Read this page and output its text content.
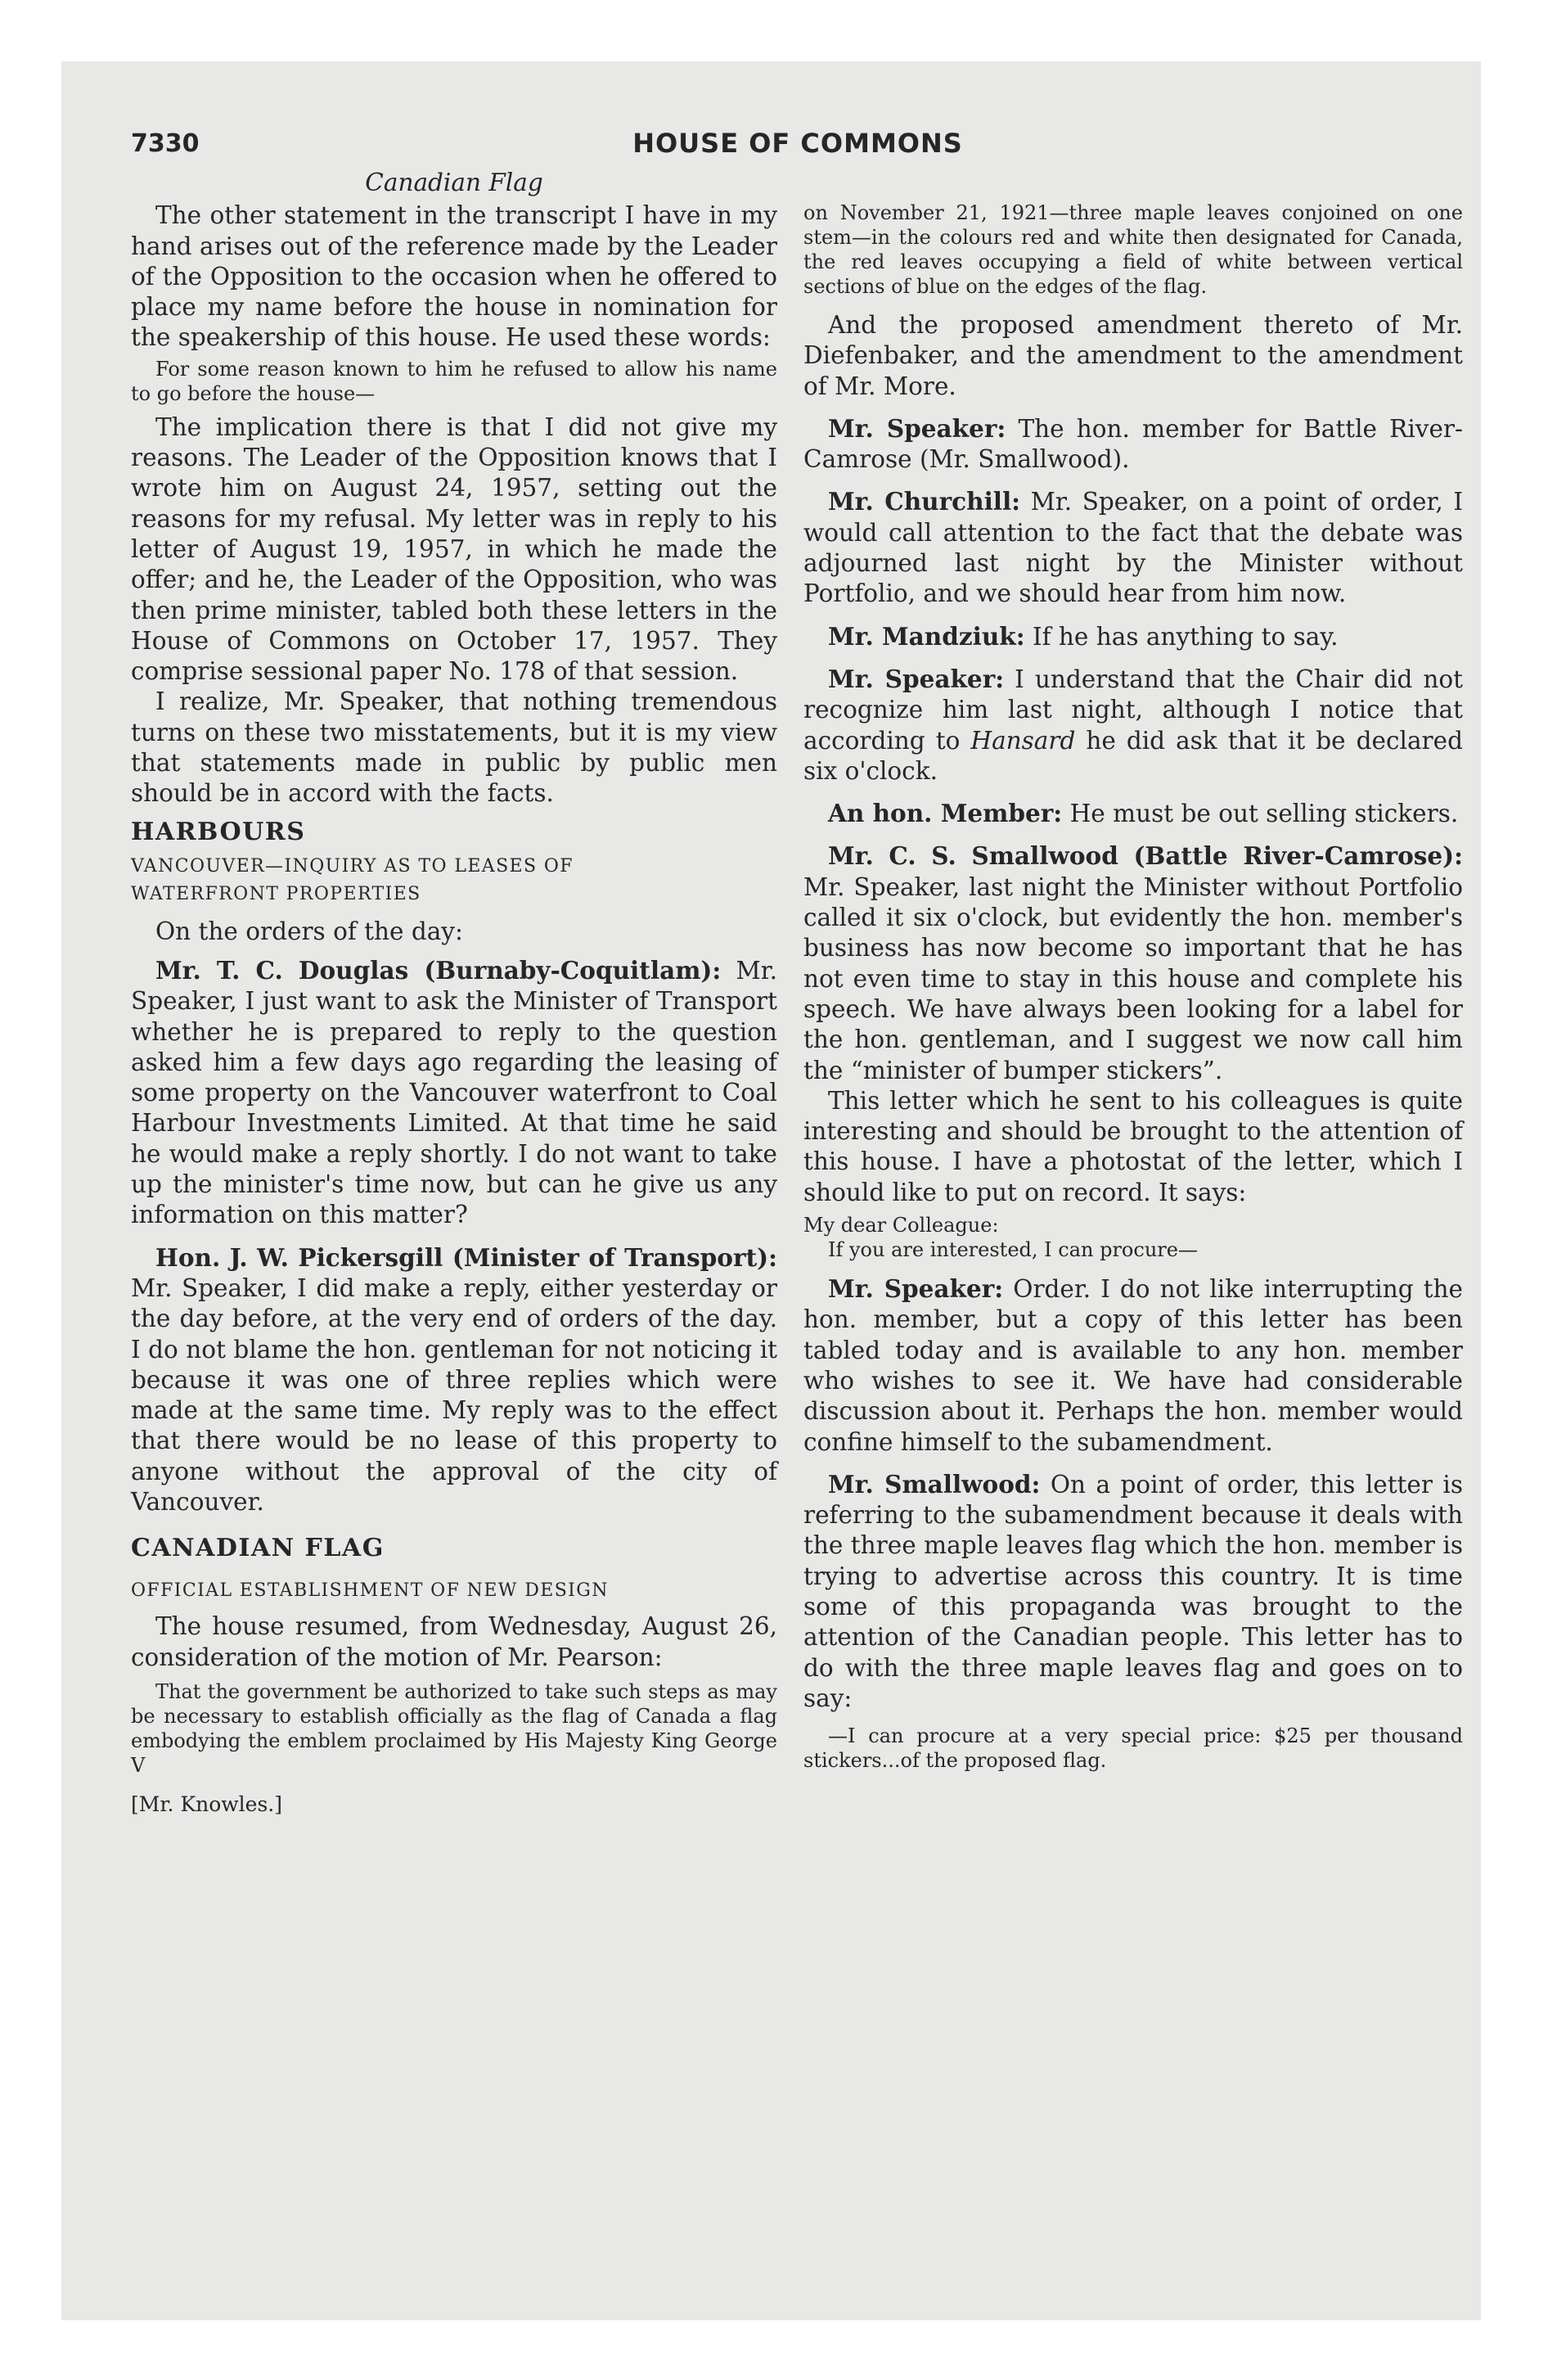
7330	HOUSE OF COMMONS

Canadian Flag

The other statement in the transcript I have in my hand arises out of the reference made by the Leader of the Opposition to the occasion when he offered to place my name before the house in nomination for the speakership of this house. He used these words:

For some reason known to him he refused to allow his name to go before the house—

The implication there is that I did not give my reasons. The Leader of the Opposition knows that I wrote him on August 24, 1957, setting out the reasons for my refusal. My letter was in reply to his letter of August 19, 1957, in which he made the offer; and he, the Leader of the Opposition, who was then prime minister, tabled both these letters in the House of Commons on October 17, 1957. They comprise sessional paper No. 178 of that session.

I realize, Mr. Speaker, that nothing tremendous turns on these two misstatements, but it is my view that statements made in public by public men should be in accord with the facts.

HARBOURS

VANCOUVER—INQUIRY AS TO LEASES OF

WATERFRONT PROPERTIES

On the orders of the day:

Mr. T. C. Douglas (Burnaby-Coquitlam): Mr. Speaker, I just want to ask the Minister of Transport whether he is prepared to reply to the question asked him a few days ago regarding the leasing of some property on the Vancouver waterfront to Coal Harbour Investments Limited. At that time he said he would make a reply shortly. I do not want to take up the minister's time now, but can he give us any information on this matter?

Hon. J. W. Pickersgill (Minister of Transport): Mr. Speaker, I did make a reply, either yesterday or the day before, at the very end of orders of the day. I do not blame the hon. gentleman for not noticing it because it was one of three replies which were made at the same time. My reply was to the effect that there would be no lease of this property to anyone without the approval of the city of Vancouver.

CANADIAN FLAG

OFFICIAL ESTABLISHMENT OF NEW DESIGN

The house resumed, from Wednesday, August 26, consideration of the motion of Mr. Pearson:

That the government be authorized to take such steps as may be necessary to establish officially as the flag of Canada a flag embodying the emblem proclaimed by His Majesty King George V

[Mr. Knowles.]

on November 21, 1921—three maple leaves conjoined on one stem—in the colours red and white then designated for Canada, the red leaves occupying a field of white between vertical sections of blue on the edges of the flag.

And the proposed amendment thereto of Mr. Diefenbaker, and the amendment to the amendment of Mr. More.

Mr. Speaker: The hon. member for Battle River-Camrose (Mr. Smallwood).

Mr. Churchill: Mr. Speaker, on a point of order, I would call attention to the fact that the debate was adjourned last night by the Minister without Portfolio, and we should hear from him now.

Mr. Mandziuk: If he has anything to say.

Mr. Speaker: I understand that the Chair did not recognize him last night, although I notice that according to Hansard he did ask that it be declared six o'clock.

An hon. Member: He must be out selling stickers.

Mr. C. S. Smallwood (Battle River-Camrose): Mr. Speaker, last night the Minister without Portfolio called it six o'clock, but evidently the hon. member's business has now become so important that he has not even time to stay in this house and complete his speech. We have always been looking for a label for the hon. gentleman, and I suggest we now call him the “minister of bumper stickers”.

This letter which he sent to his colleagues is quite interesting and should be brought to the attention of this house. I have a photostat of the letter, which I should like to put on record. It says:

My dear Colleague:

If you are interested, I can procure—

Mr. Speaker: Order. I do not like interrupting the hon. member, but a copy of this letter has been tabled today and is available to any hon. member who wishes to see it. We have had considerable discussion about it. Perhaps the hon. member would confine himself to the subamendment.

Mr. Smallwood: On a point of order, this letter is referring to the subamendment because it deals with the three maple leaves flag which the hon. member is trying to advertise across this country. It is time some of this propaganda was brought to the attention of the Canadian people. This letter has to do with the three maple leaves flag and goes on to say:

—I can procure at a very special price: $25 per thousand stickers...of the proposed flag.
